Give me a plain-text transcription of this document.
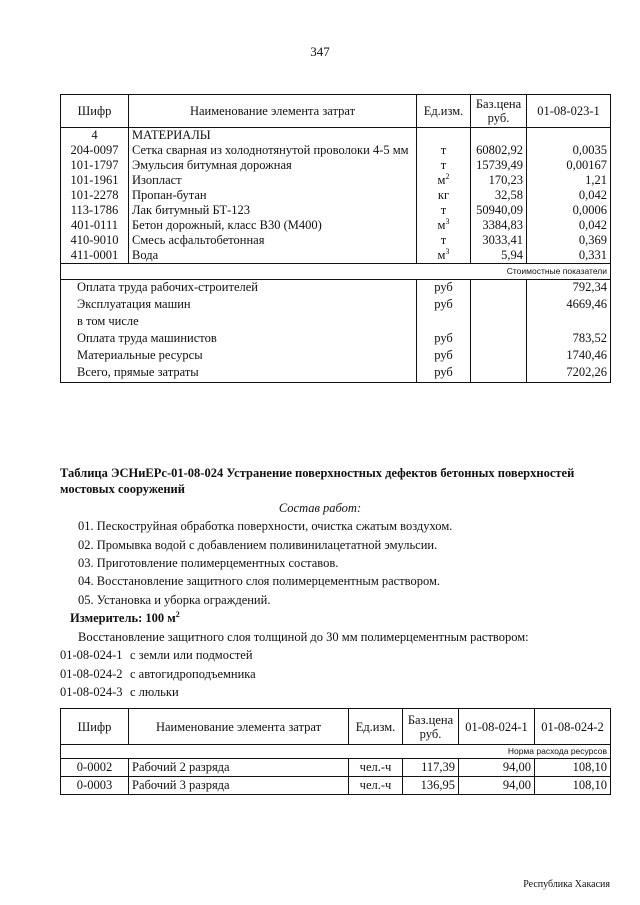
347
Шифр	Наименование элемента затрат	Ед.изм.	Баз.цена руб.	01-08-023-1
4	МАТЕРИАЛЫ			
204-0097	Сетка сварная из холоднотянутой проволоки 4-5 мм	т	60802,92	0,0035
101-1797	Эмульсия битумная дорожная	т	15739,49	0,00167
101-1961	Изопласт	$м^2$	170,23	1,21
101-2278	Пропан-бутан	кг	32,58	0,042
113-1786	Лак битумный БТ-123	т	50940,09	0,0006
401-0111	Бетон дорожный, класс В30 (М400)	$м^3$	3384,83	0,042
410-9010	Смесь асфальтобетонная	т	3033,41	0,369
411-0001	Вода	$м^3$	5,94	0,331
Стоимостные показатели				
Оплата труда рабочих-строителей		руб		792,34
Эксплуатация машин		руб		4669,46
в том числе				
Оплата труда машинистов		руб		783,52
Материальные ресурсы		руб		1740,46
Всего, прямые затраты		руб		7202,26
Таблица ЭСНиЕРс-01-08-024 Устранение поверхностных дефектов бетонных поверхностей мостовых сооружений
Состав работ:
01. Пескоструйная обработка поверхности, очистка сжатым воздухом.
02. Промывка водой с добавлением поливинилацетатной эмульсии.
03. Приготовление полимерцементных составов.
04. Восстановление защитного слоя полимерцементным раствором.
05. Установка и уборка ограждений.
Измеритель: 100 $м^2$
Восстановление защитного слоя толщиной до 30 мм полимерцементным раствором:
01-08-024-1 с земли или подмостей
01-08-024-2 с автогидроподъемника
01-08-024-3 с люльки
Шифр	Наименование элемента затрат	Ед.изм.	Баз.цена руб.	01-08-024-1	01-08-024-2
Норма расхода ресурсов					
0-0002	Рабочий 2 разряда	чел.-ч	117,39	94,00	108,10
0-0003	Рабочий 3 разряда	чел.-ч	136,95	94,00	108,10
Республика Хакасия
